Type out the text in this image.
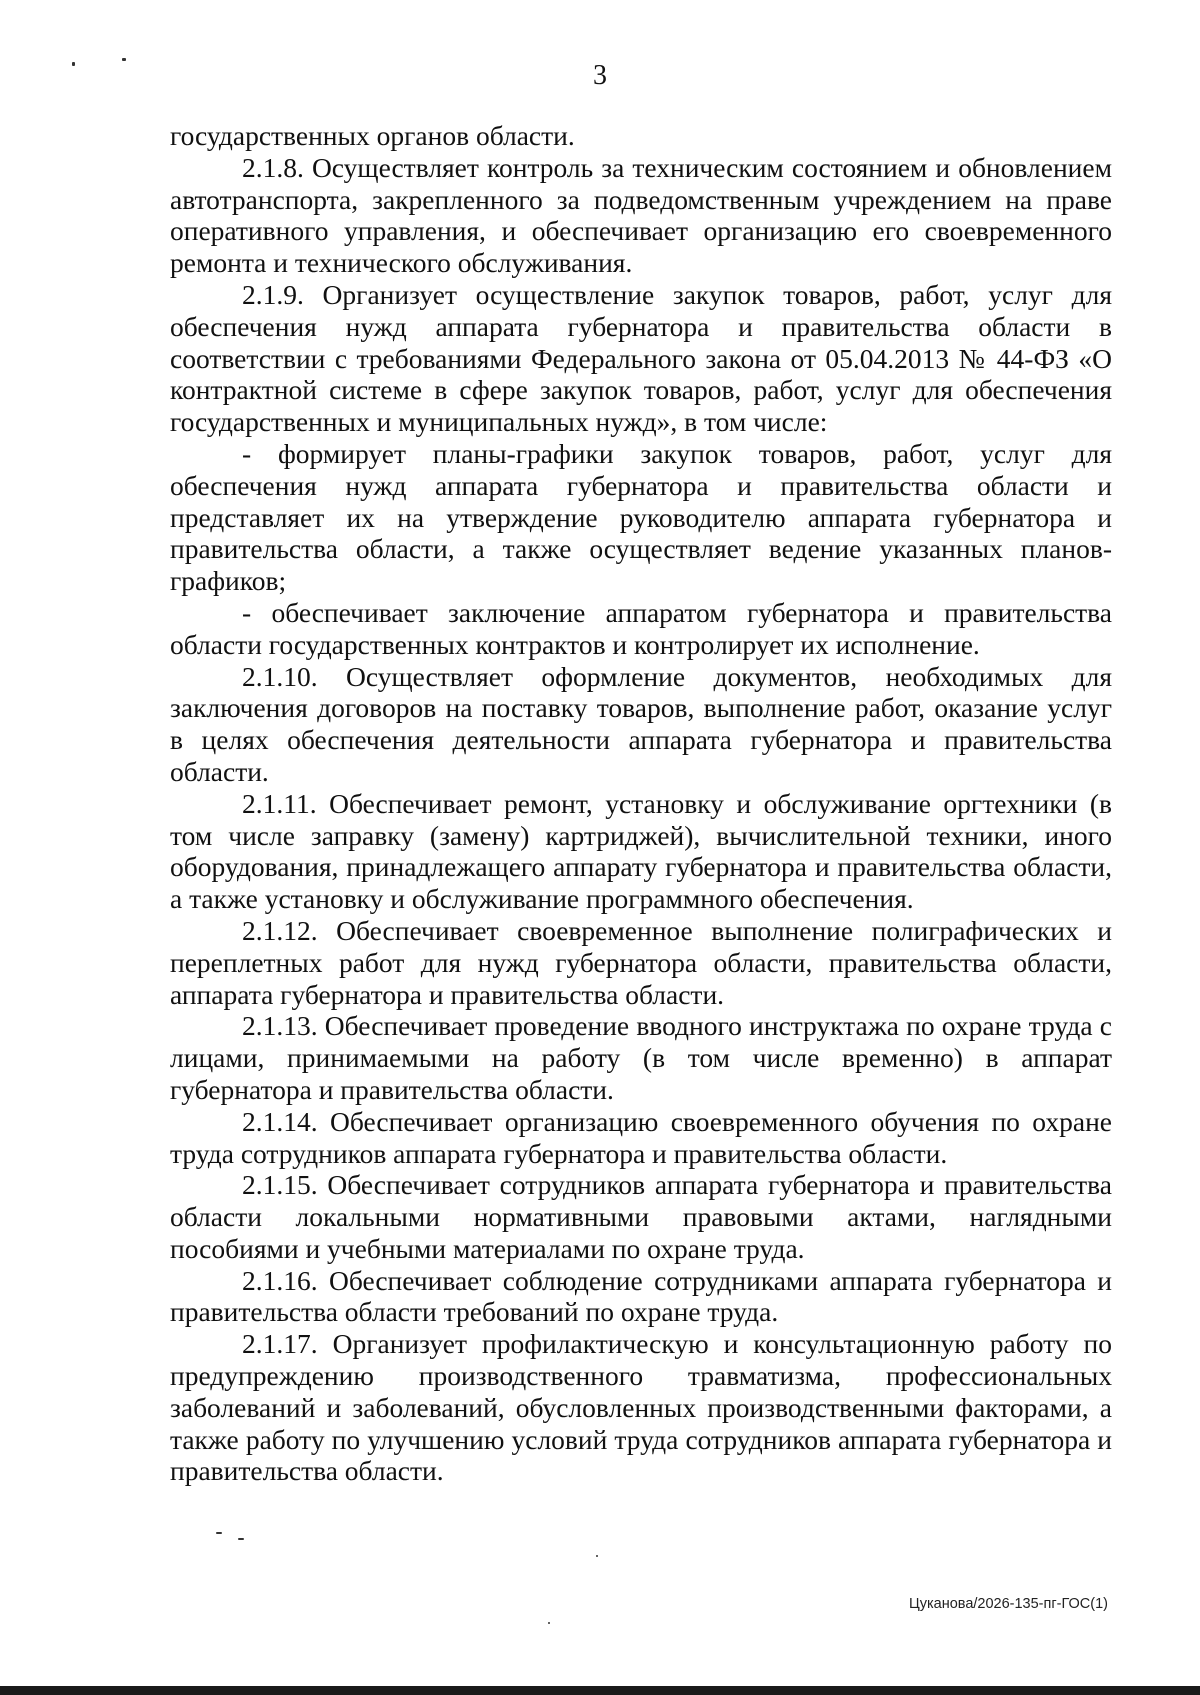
3

государственных органов области.

2.1.8. Осуществляет контроль за техническим состоянием и обновлением автотранспорта, закрепленного за подведомственным учреждением на праве оперативного управления, и обеспечивает организацию его своевременного ремонта и технического обслуживания.

2.1.9. Организует осуществление закупок товаров, работ, услуг для обеспечения нужд аппарата губернатора и правительства области в соответствии с требованиями Федерального закона от 05.04.2013 № 44-ФЗ «О контрактной системе в сфере закупок товаров, работ, услуг для обеспечения государственных и муниципальных нужд», в том числе:

- формирует планы-графики закупок товаров, работ, услуг для обеспечения нужд аппарата губернатора и правительства области и представляет их на утверждение руководителю аппарата губернатора и правительства области, а также осуществляет ведение указанных планов-графиков;

- обеспечивает заключение аппаратом губернатора и правительства области государственных контрактов и контролирует их исполнение.

2.1.10. Осуществляет оформление документов, необходимых для заключения договоров на поставку товаров, выполнение работ, оказание услуг в целях обеспечения деятельности аппарата губернатора и правительства области.

2.1.11. Обеспечивает ремонт, установку и обслуживание оргтехники (в том числе заправку (замену) картриджей), вычислительной техники, иного оборудования, принадлежащего аппарату губернатора и правительства области, а также установку и обслуживание программного обеспечения.

2.1.12. Обеспечивает своевременное выполнение полиграфических и переплетных работ для нужд губернатора области, правительства области, аппарата губернатора и правительства области.

2.1.13. Обеспечивает проведение вводного инструктажа по охране труда с лицами, принимаемыми на работу (в том числе временно) в аппарат губернатора и правительства области.

2.1.14. Обеспечивает организацию своевременного обучения по охране труда сотрудников аппарата губернатора и правительства области.

2.1.15. Обеспечивает сотрудников аппарата губернатора и правительства области локальными нормативными правовыми актами, наглядными пособиями и учебными материалами по охране труда.

2.1.16. Обеспечивает соблюдение сотрудниками аппарата губернатора и правительства области требований по охране труда.

2.1.17. Организует профилактическую и консультационную работу по предупреждению производственного травматизма, профессиональных заболеваний и заболеваний, обусловленных производственными факторами, а также работу по улучшению условий труда сотрудников аппарата губернатора и правительства области.

Цуканова/2026-135-пг-ГОС(1)
